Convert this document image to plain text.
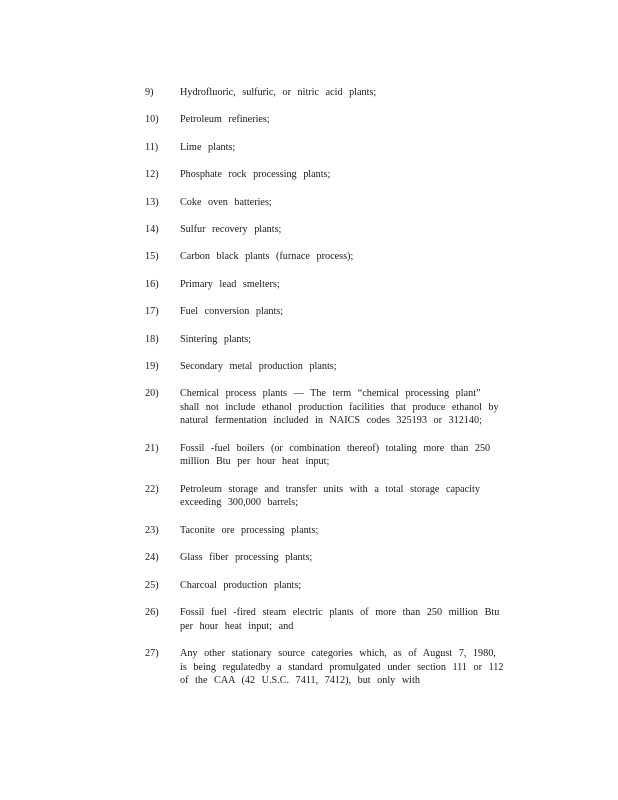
9)	Hydrofluoric, sulfuric, or nitric acid plants;
10)	Petroleum refineries;
11)	Lime plants;
12)	Phosphate rock processing plants;
13)	Coke oven batteries;
14)	Sulfur recovery plants;
15)	Carbon black plants (furnace process);
16)	Primary lead smelters;
17)	Fuel conversion plants;
18)	Sintering plants;
19)	Secondary metal production plants;
20)	Chemical process plants — The term “chemical processing plant” shall not include ethanol production facilities that produce ethanol by natural fermentation included in NAICS codes 325193 or 312140;
21)	Fossil -fuel boilers (or combination thereof) totaling more than 250 million Btu per hour heat input;
22)	Petroleum storage and transfer units with a total storage capacity exceeding 300,000 barrels;
23)	Taconite ore processing plants;
24)	Glass fiber processing plants;
25)	Charcoal production plants;
26)	Fossil fuel -fired steam electric plants of more than 250 million Btu per hour heat input; and
27)	Any other stationary source categories which, as of August 7, 1980, is being regulatedby a standard promulgated under section 111 or 112 of the CAA (42 U.S.C. 7411, 7412), but only with
